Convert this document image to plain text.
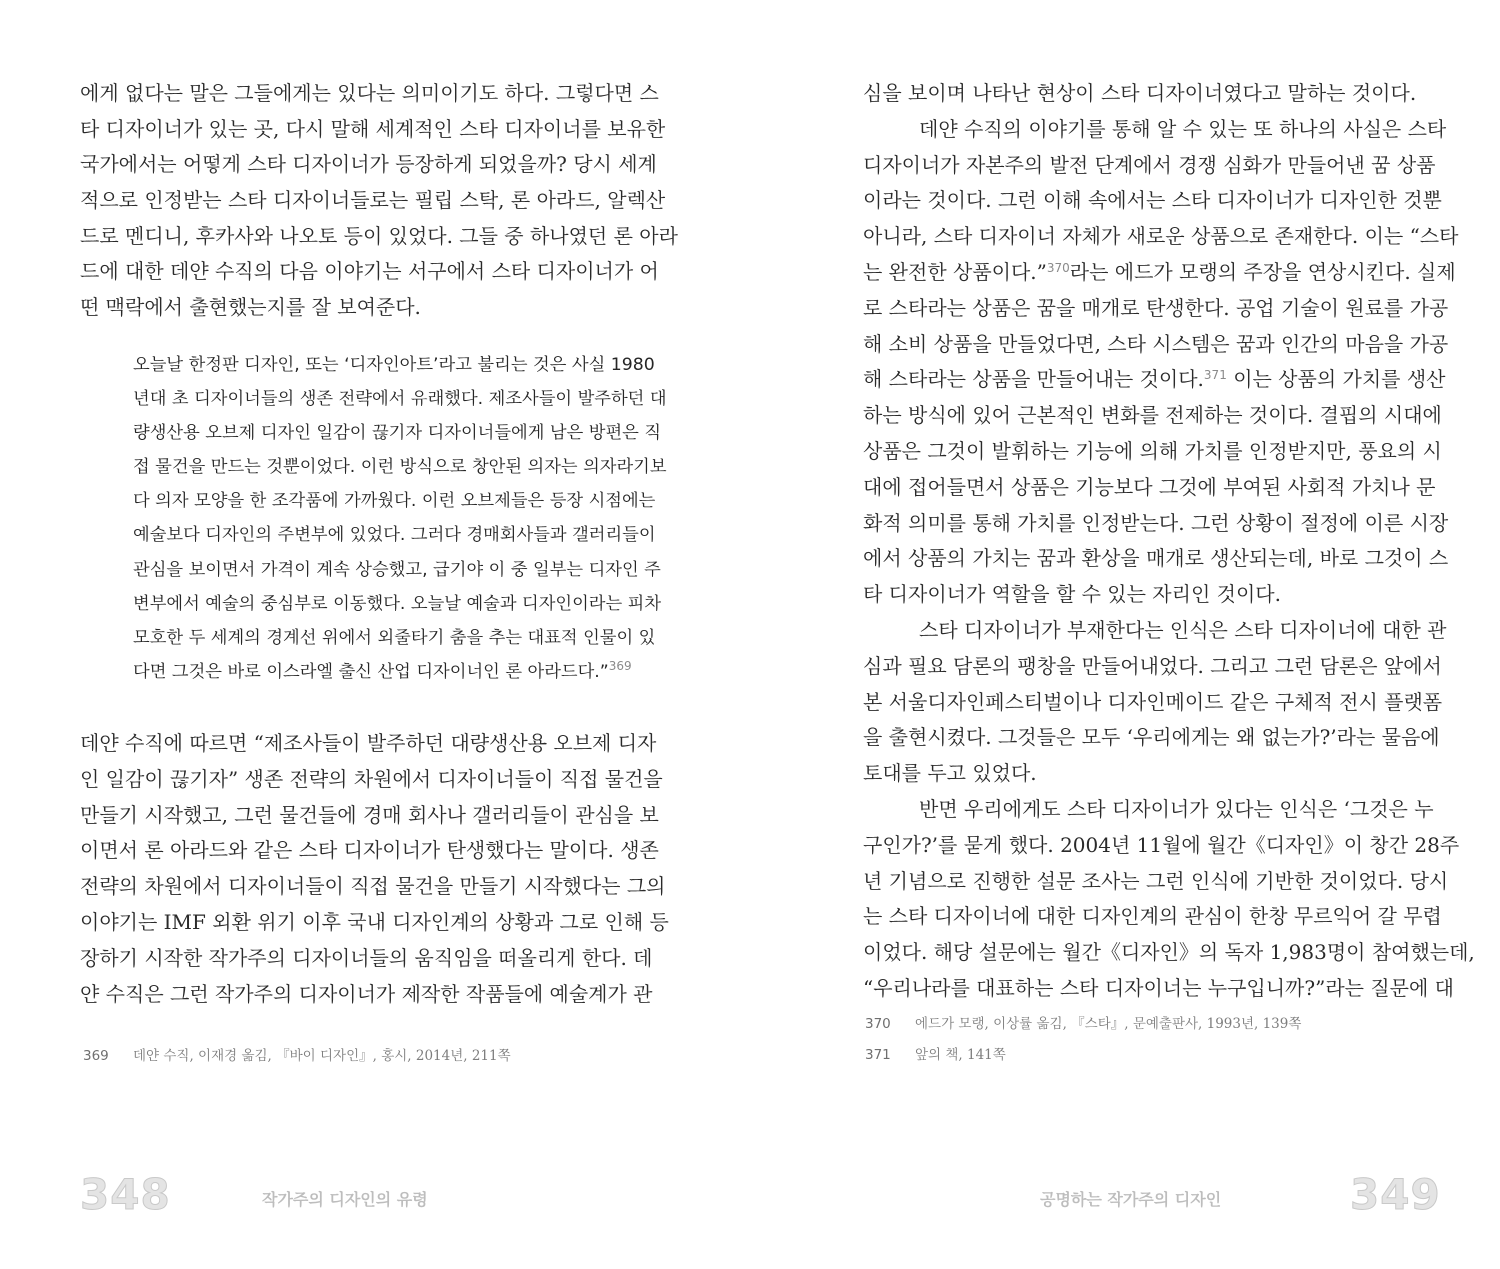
에게 없다는 말은 그들에게는 있다는 의미이기도 하다. 그렇다면 스
타 디자이너가 있는 곳, 다시 말해 세계적인 스타 디자이너를 보유한
국가에서는 어떻게 스타 디자이너가 등장하게 되었을까? 당시 세계
적으로 인정받는 스타 디자이너들로는 필립 스탁, 론 아라드, 알렉산
드로 멘디니, 후카사와 나오토 등이 있었다. 그들 중 하나였던 론 아라
드에 대한 데얀 수직의 다음 이야기는 서구에서 스타 디자이너가 어
떤 맥락에서 출현했는지를 잘 보여준다.
오늘날 한정판 디자인, 또는 ‘디자인아트’라고 불리는 것은 사실 1980
년대 초 디자이너들의 생존 전략에서 유래했다. 제조사들이 발주하던 대
량생산용 오브제 디자인 일감이 끊기자 디자이너들에게 남은 방편은 직
접 물건을 만드는 것뿐이었다. 이런 방식으로 창안된 의자는 의자라기보
다 의자 모양을 한 조각품에 가까웠다. 이런 오브제들은 등장 시점에는
예술보다 디자인의 주변부에 있었다. 그러다 경매회사들과 갤러리들이
관심을 보이면서 가격이 계속 상승했고, 급기야 이 중 일부는 디자인 주
변부에서 예술의 중심부로 이동했다. 오늘날 예술과 디자인이라는 피차
모호한 두 세계의 경계선 위에서 외줄타기 춤을 추는 대표적 인물이 있
다면 그것은 바로 이스라엘 출신 산업 디자이너인 론 아라드다.”$^{369}$
데얀 수직에 따르면 “제조사들이 발주하던 대량생산용 오브제 디자
인 일감이 끊기자” 생존 전략의 차원에서 디자이너들이 직접 물건을
만들기 시작했고, 그런 물건들에 경매 회사나 갤러리들이 관심을 보
이면서 론 아라드와 같은 스타 디자이너가 탄생했다는 말이다. 생존
전략의 차원에서 디자이너들이 직접 물건을 만들기 시작했다는 그의
이야기는 IMF 외환 위기 이후 국내 디자인계의 상황과 그로 인해 등
장하기 시작한 작가주의 디자이너들의 움직임을 떠올리게 한다. 데
얀 수직은 그런 작가주의 디자이너가 제작한 작품들에 예술계가 관
369 데얀 수직, 이재경 옮김, 『바이 디자인』, 홍시, 2014년, 211쪽
348	작가주의 디자인의 유령
심을 보이며 나타난 현상이 스타 디자이너였다고 말하는 것이다.
데얀 수직의 이야기를 통해 알 수 있는 또 하나의 사실은 스타
디자이너가 자본주의 발전 단계에서 경쟁 심화가 만들어낸 꿈 상품
이라는 것이다. 그런 이해 속에서는 스타 디자이너가 디자인한 것뿐
아니라, 스타 디자이너 자체가 새로운 상품으로 존재한다. 이는 “스타
는 완전한 상품이다.”$^{370}$라는 에드가 모랭의 주장을 연상시킨다. 실제
로 스타라는 상품은 꿈을 매개로 탄생한다. 공업 기술이 원료를 가공
해 소비 상품을 만들었다면, 스타 시스템은 꿈과 인간의 마음을 가공
해 스타라는 상품을 만들어내는 것이다.$^{371}$ 이는 상품의 가치를 생산
하는 방식에 있어 근본적인 변화를 전제하는 것이다. 결핍의 시대에
상품은 그것이 발휘하는 기능에 의해 가치를 인정받지만, 풍요의 시
대에 접어들면서 상품은 기능보다 그것에 부여된 사회적 가치나 문
화적 의미를 통해 가치를 인정받는다. 그런 상황이 절정에 이른 시장
에서 상품의 가치는 꿈과 환상을 매개로 생산되는데, 바로 그것이 스
타 디자이너가 역할을 할 수 있는 자리인 것이다.
스타 디자이너가 부재한다는 인식은 스타 디자이너에 대한 관
심과 필요 담론의 팽창을 만들어내었다. 그리고 그런 담론은 앞에서
본 서울디자인페스티벌이나 디자인메이드 같은 구체적 전시 플랫폼
을 출현시켰다. 그것들은 모두 ‘우리에게는 왜 없는가?’라는 물음에
토대를 두고 있었다.
반면 우리에게도 스타 디자이너가 있다는 인식은 ‘그것은 누
구인가?’를 묻게 했다. 2004년 11월에 월간《디자인》이 창간 28주
년 기념으로 진행한 설문 조사는 그런 인식에 기반한 것이었다. 당시
는 스타 디자이너에 대한 디자인계의 관심이 한창 무르익어 갈 무렵
이었다. 해당 설문에는 월간《디자인》의 독자 1,983명이 참여했는데,
“우리나라를 대표하는 스타 디자이너는 누구입니까?”라는 질문에 대
370 에드가 모랭, 이상률 옮김, 『스타』, 문예출판사, 1993년, 139쪽
371 앞의 책, 141쪽
공명하는 작가주의 디자인	349
